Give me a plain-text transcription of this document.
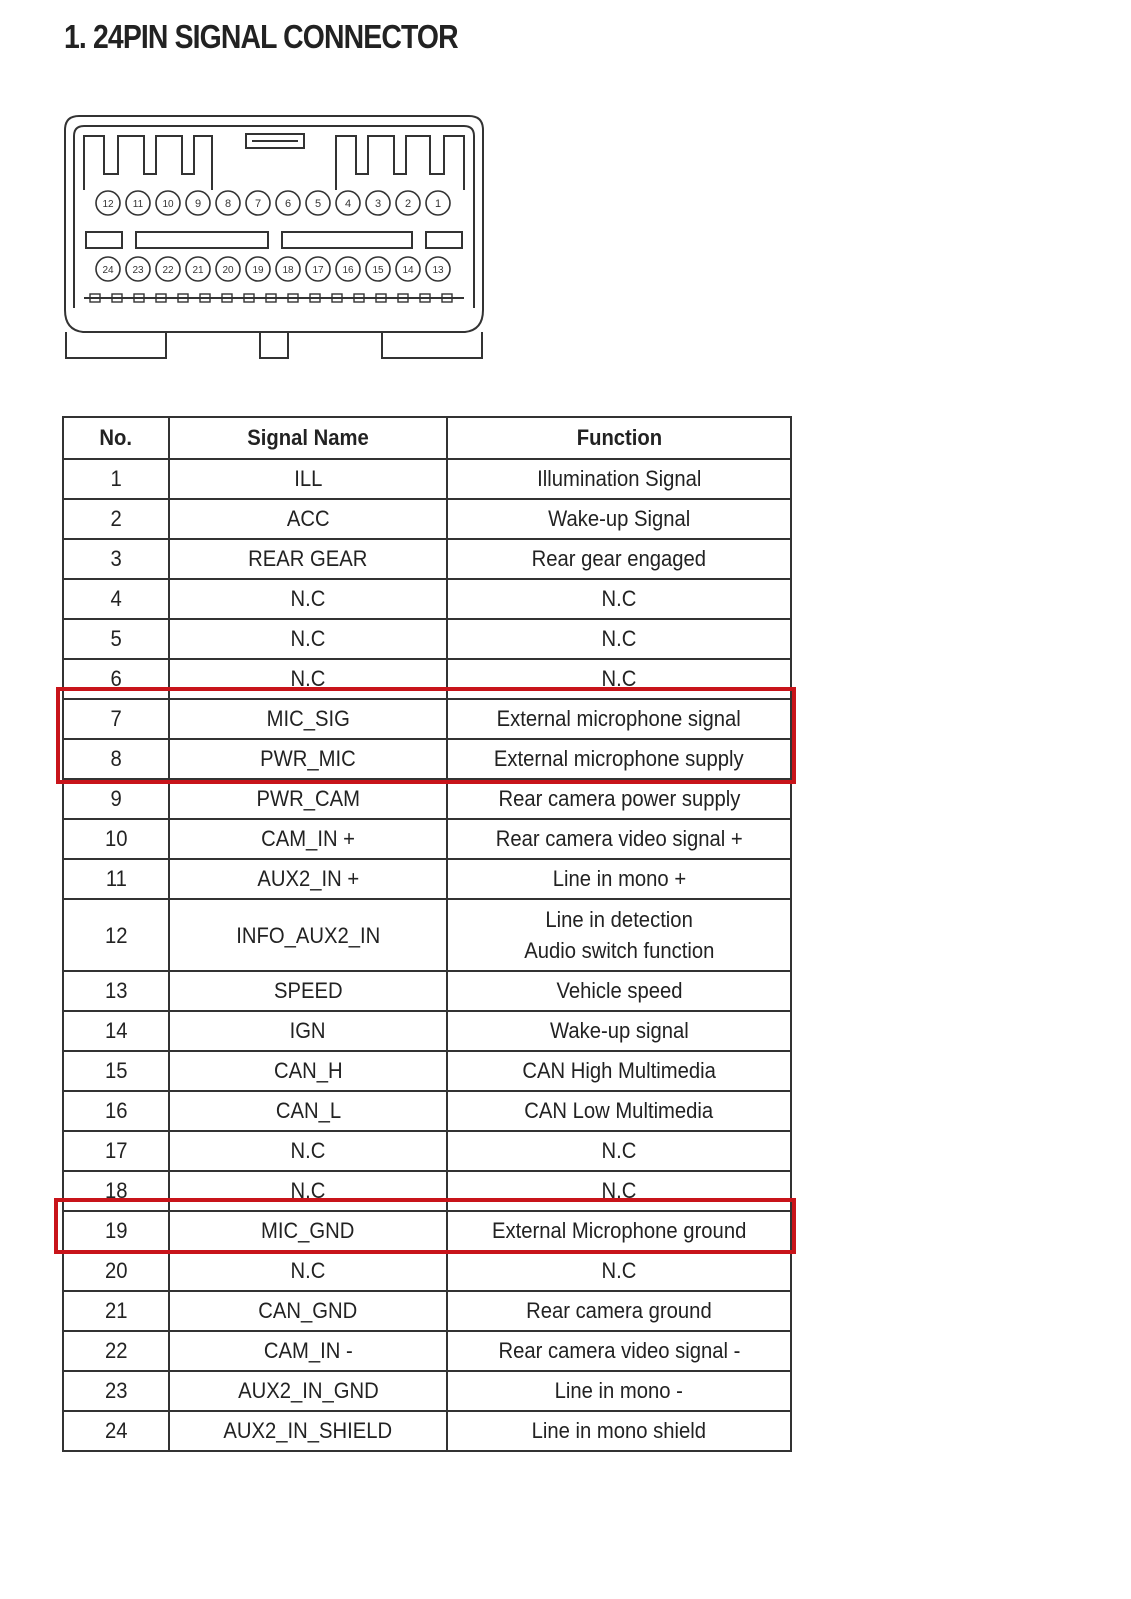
1. 24PIN SIGNAL CONNECTOR
12 11 10 9 8 7 6 5 4 3 2 1
24 23 22 21 20 19 18 17 16 15 14 13
No.	Signal Name	Function
1	ILL	Illumination Signal
2	ACC	Wake-up Signal
3	REAR GEAR	Rear gear engaged
4	N.C	N.C
5	N.C	N.C
6	N.C	N.C
7	MIC_SIG	External microphone signal
8	PWR_MIC	External microphone supply
9	PWR_CAM	Rear camera power supply
10	CAM_IN +	Rear camera video signal +
11	AUX2_IN +	Line in mono +
12	INFO_AUX2_IN	Line in detection
Audio switch function
13	SPEED	Vehicle speed
14	IGN	Wake-up signal
15	CAN_H	CAN High Multimedia
16	CAN_L	CAN Low Multimedia
17	N.C	N.C
18	N.C	N.C
19	MIC_GND	External Microphone ground
20	N.C	N.C
21	CAN_GND	Rear camera ground
22	CAM_IN -	Rear camera video signal -
23	AUX2_IN_GND	Line in mono -
24	AUX2_IN_SHIELD	Line in mono shield
